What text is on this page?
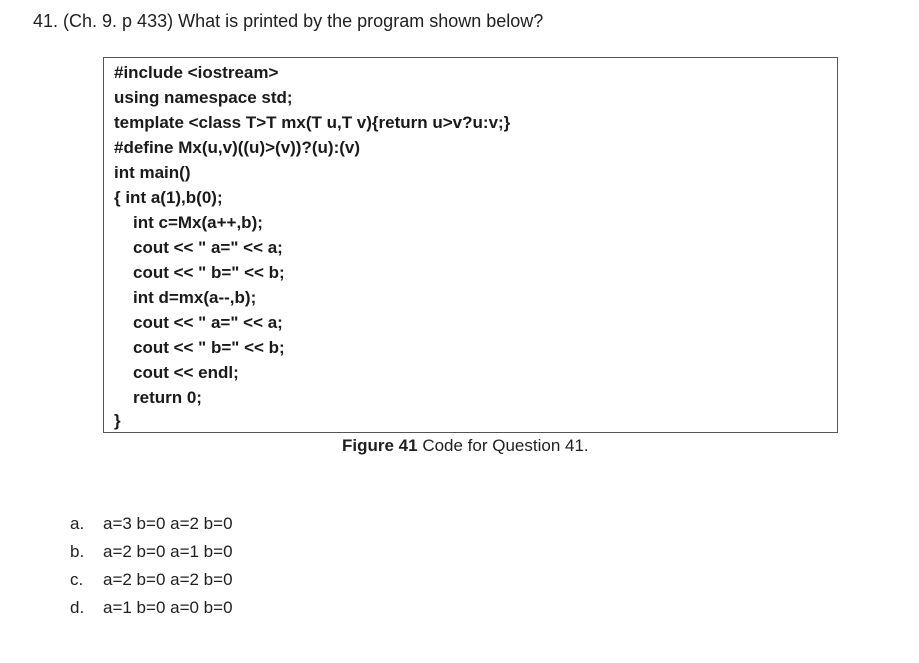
41. (Ch. 9. p 433) What is printed by the program shown below?
#include <iostream>
using namespace std;
template <class T>T mx(T u,T v){return u>v?u:v;}
#define Mx(u,v)((u)>(v))?(u):(v)
int main()
{ int a(1),b(0);
int c=Mx(a++,b);
cout << " a=" << a;
cout << " b=" << b;
int d=mx(a--,b);
cout << " a=" << a;
cout << " b=" << b;
cout << endl;
return 0;
}
Figure 41 Code for Question 41.
a. a=3 b=0 a=2 b=0
b. a=2 b=0 a=1 b=0
c. a=2 b=0 a=2 b=0
d. a=1 b=0 a=0 b=0
